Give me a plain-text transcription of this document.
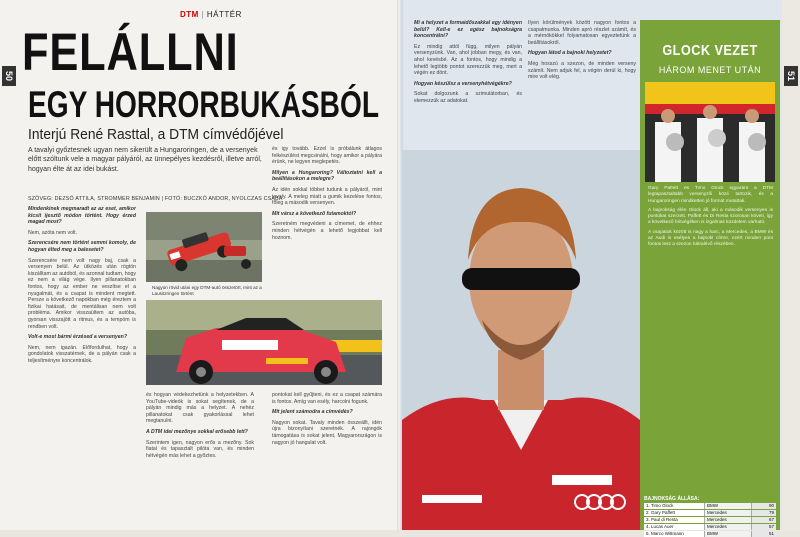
50	51
DTM | HÁTTÉR
FELÁLLNI
EGY HORRORBUKÁSBÓL
Interjú René Rasttal, a DTM címvédőjével
A tavalyi győztesnek ugyan nem sikerült a Hungaroringen, de a versenyek előtt szóltunk vele a magyar pályáról, az ünnepélyes kezdésről, illetve arról, hogyan élte át az idei bukást.
SZÖVEG: DEZSŐ ATTILA, STROMMER BENJAMIN | FOTÓ: BUCZKÓ ANDOR, NYOLCZAS CSABA

Mindenkinek megmaradt az az eset, amikor kicsit ijesztő módon történt. Hogy érzed magad most?

Nem, azóta nem volt.

Szerencsére nem történt semmi komoly, de hogyan élted meg a balesetet?

Szerencsére nem volt nagy baj, csak a versenyen belül. Az ütközés után rögtön kiszálltam az autóból, és azonnal tudtam, hogy ez nem a világ vége. Ilyen pillanatokban fontos, hogy az ember ne veszítse el a nyugalmát, és a csapat is mindent megtett. Persze a következő napokban még éreztem a fizikai hatásait, de mentálisan nem volt probléma. Amikor visszaültem az autóba, gyorsan visszajött a ritmus, és a tempóm is rendben volt.

Volt-e most bármi érzésed a versenyen?

Nem, nem igazán. Előfordulhat, hogy a gondolatok visszatérnek, de a pályán csak a teljesítményre koncentrálok.

és hogyan védekezhetünk a helyzetekben. A YouTube-videók is sokat segítenek, de a pályán mindig más a helyzet. A nehéz pillanatokat csak gyakorlással lehet megtanulni.

A DTM idei mezőnye sokkal erősebb lett?

Szerintem igen, nagyon erős a mezőny. Sok fiatal és tapasztalt pilóta van, és minden hétvégén más lehet a győztes.

és igy tovább. Ezzel is próbálunk átlagos felkészülést megcsinálni, hogy amikor a pályára érünk, ne legyen meglepetés.

Milyen a Hungaroring? Változtatni kell a beállításokon a melegre?

Az idén sokkal többet tudunk a pályáról, mint tavaly. A meleg miatt a gumik kezelése fontos, főleg a második versenyen.

Mit vársz a következő futamoktól?

Szeretném megvédeni a címemet, de ehhez minden hétvégén a lehető legjobbat kell hoznom.

pontokat kell gyűjteni, és ez a csapat számára is fontos. Amíg van esély, harcolni fogunk.

Mit jelent számodra a címvédés?

Nagyon sokat. Tavaly minden összeállt, idén újra bizonyítani szeretnék. A rajongók támogatása is sokat jelent, Magyarországon is nagyon jó hangulat volt.

Mi a helyzet a formaidőszakkal egy idényen belül? Kell-e ez egész bajnokságra koncentrálni?

Ez mindig attól függ, milyen pályán versenyzünk. Van, ahol jobban megy, és van, ahol kevésbé. Az a fontos, hogy mindig a lehető legtöbb pontot szerezzük meg, mert a végén ez dönt.

Hogyan készülsz a versenyhétvégékre?

Sokat dolgozunk a szimulátorban, és elemezzük az adatokat.

Ilyen körülmények között nagyon fontos a csapatmunka. Minden apró részlet számít, és a mérnökökkel folyamatosan egyeztetünk a beállításokról.

Hogyan látod a bajnoki helyzetet?

Még hosszú a szezon, de minden verseny számít. Nem adjuk fel, a végén derül ki, hogy mire volt elég.

Nagyon rövid utáni egy DTM-autó összetört, mint az a Lausitzringen történt
GLOCK VEZET
HÁROM MENET UTÁN

Gary Paffett és Timo Glock egyaránt a DTM legtapasztaltabb versenyzői közé tartozik, és a Hungaroringen mindketten jó formát mutattak.

A bajnokság élén Glock áll, aki a második versenyen is pontokat szerzett. Paffett és Di Resta szorosan követi, így a következő hétvégéken is izgalmas küzdelem várható.

A csapatok között is nagy a harc, a Mercedes, a BMW és az Audi is esélyes a bajnoki címre, ezért minden pont fontos lesz a szezon hátralévő részében.

BAJNOKSÁG ÁLLÁSA:
1. Timo Glock	BMW	90
2. Gary Paffett	Mercedes	79
3. Paul di Resta	Mercedes	67
4. Lucas Auer	Mercedes	57
5. Marco Wittmann	BMW	51
